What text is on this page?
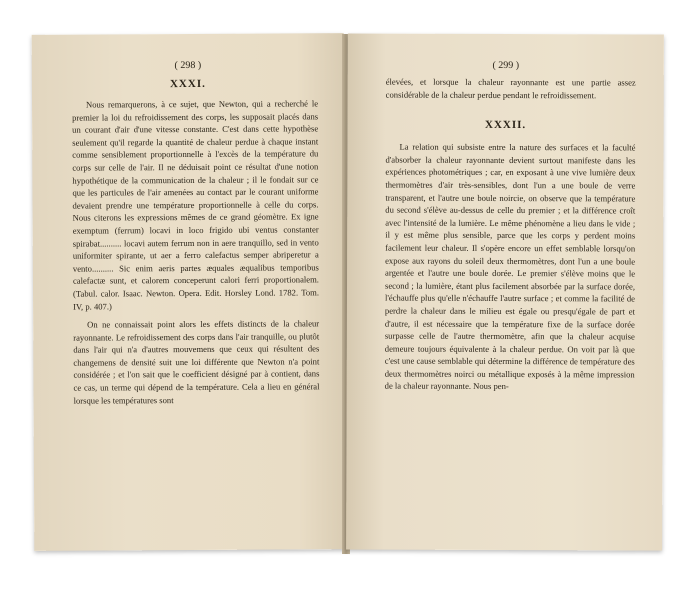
( 298 )
XXXI.

Nous remarquerons, à ce sujet, que Newton, qui a recherché le premier la loi du refroidissement des corps, les supposait placés dans un courant d'air d'une vitesse constante. C'est dans cette hypothèse seulement qu'il regarde la quantité de chaleur perdue à chaque instant comme sensiblement proportionnelle à l'excès de la température du corps sur celle de l'air. Il ne déduisait point ce résultat d'une notion hypothétique de la communication de la chaleur ; il le fondait sur ce que les particules de l'air amenées au contact par le courant uniforme devaient prendre une température proportionnelle à celle du corps. Nous citerons les expressions mêmes de ce grand géomètre. Ex igne exemptum (ferrum) locavi in loco frigido ubi ventus constanter spirabat.......... locavi autem ferrum non in aere tranquillo, sed in vento uniformiter spirante, ut aer a ferro calefactus semper abriperetur a vento.......... Sic enim aeris partes æquales æqualibus temporibus calefactæ sunt, et calorem conceperunt calori ferri proportionalem. (Tabul. calor. Isaac. Newton. Opera. Edit. Horsley Lond. 1782. Tom. IV, p. 407.)

On ne connaissait point alors les effets distincts de la chaleur rayonnante. Le refroidissement des corps dans l'air tranquille, ou plutôt dans l'air qui n'a d'autres mouvemens que ceux qui résultent des changemens de densité suit une loi différente que Newton n'a point considérée ; et l'on sait que le coefficient désigné par à contient, dans ce cas, un terme qui dépend de la température. Cela a lieu en général lorsque les températures sont

( 299 )
élevées, et lorsque la chaleur rayonnante est une partie assez considérable de la chaleur perdue pendant le refroidissement.
XXXII.

La relation qui subsiste entre la nature des surfaces et la faculté d'absorber la chaleur rayonnante devient surtout manifeste dans les expériences photométriques ; car, en exposant à une vive lumière deux thermomètres d'air très-sensibles, dont l'un a une boule de verre transparent, et l'autre une boule noircie, on observe que la température du second s'élève au-dessus de celle du premier ; et la différence croît avec l'intensité de la lumière. Le même phénomène a lieu dans le vide ; il y est même plus sensible, parce que les corps y perdent moins facilement leur chaleur. Il s'opère encore un effet semblable lorsqu'on expose aux rayons du soleil deux thermomètres, dont l'un a une boule argentée et l'autre une boule dorée. Le premier s'élève moins que le second ; la lumière, étant plus facilement absorbée par la surface dorée, l'échauffe plus qu'elle n'échauffe l'autre surface ; et comme la facilité de perdre la chaleur dans le milieu est égale ou presqu'égale de part et d'autre, il est nécessaire que la température fixe de la surface dorée surpasse celle de l'autre thermomètre, afin que la chaleur acquise demeure toujours équivalente à la chaleur perdue. On voit par là que c'est une cause semblable qui détermine la différence de température des deux thermomètres noirci ou métallique exposés à la même impression de la chaleur rayonnante. Nous pen-
